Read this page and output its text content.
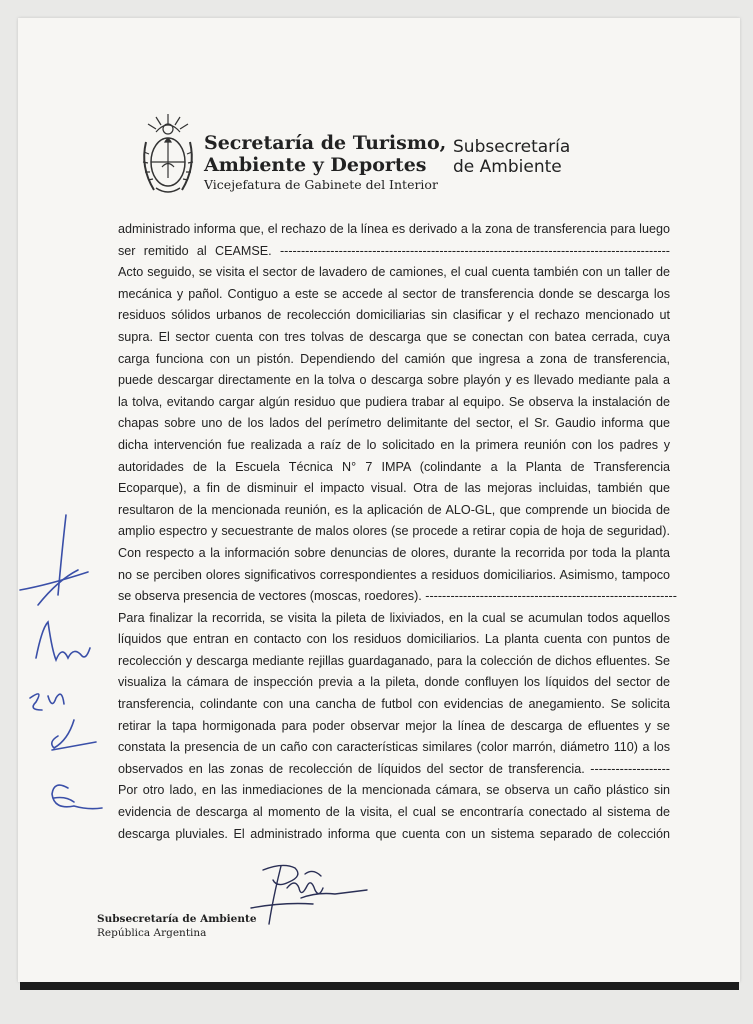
Secretaría de Turismo,
Ambiente y Deportes
Vicejefatura de Gabinete del Interior
Subsecretaría
de Ambiente
administrado informa que, el rechazo de la línea es derivado a la zona de transferencia para luego
ser remitido al CEAMSE. ---------------------------------------------------------------------------------------------
Acto seguido, se visita el sector de lavadero de camiones, el cual cuenta también con un taller de
mecánica y pañol. Contiguo a este se accede al sector de transferencia donde se descarga los
residuos sólidos urbanos de recolección domiciliarias sin clasificar y el rechazo mencionado ut
supra. El sector cuenta con tres tolvas de descarga que se conectan con batea cerrada, cuya
carga funciona con un pistón. Dependiendo del camión que ingresa a zona de transferencia,
puede descargar directamente en la tolva o descarga sobre playón y es llevado mediante pala a
la tolva, evitando cargar algún residuo que pudiera trabar al equipo. Se observa la instalación de
chapas sobre uno de los lados del perímetro delimitante del sector, el Sr. Gaudio informa que
dicha intervención fue realizada a raíz de lo solicitado en la primera reunión con los padres y
autoridades de la Escuela Técnica N° 7 IMPA (colindante a la Planta de Transferencia
Ecoparque), a fin de disminuir el impacto visual. Otra de las mejoras incluidas, también que
resultaron de la mencionada reunión, es la aplicación de ALO-GL, que comprende un biocida de
amplio espectro y secuestrante de malos olores (se procede a retirar copia de hoja de seguridad).
Con respecto a la información sobre denuncias de olores, durante la recorrida por toda la planta
no se perciben olores significativos correspondientes a residuos domiciliarios. Asimismo, tampoco
se observa presencia de vectores (moscas, roedores). ------------------------------------------------------------
Para finalizar la recorrida, se visita la pileta de lixiviados, en la cual se acumulan todos aquellos
líquidos que entran en contacto con los residuos domiciliarios. La planta cuenta con puntos de
recolección y descarga mediante rejillas guardaganado, para la colección de dichos efluentes. Se
visualiza la cámara de inspección previa a la pileta, donde confluyen los líquidos del sector de
transferencia, colindante con una cancha de futbol con evidencias de anegamiento. Se solicita
retirar la tapa hormigonada para poder observar mejor la línea de descarga de efluentes y se
constata la presencia de un caño con características similares (color marrón, diámetro 110) a los
observados en las zonas de recolección de líquidos del sector de transferencia. -------------------
Por otro lado, en las inmediaciones de la mencionada cámara, se observa un caño plástico sin
evidencia de descarga al momento de la visita, el cual se encontraría conectado al sistema de
descarga pluviales. El administrado informa que cuenta con un sistema separado de colección
Subsecretaría de Ambiente
República Argentina
